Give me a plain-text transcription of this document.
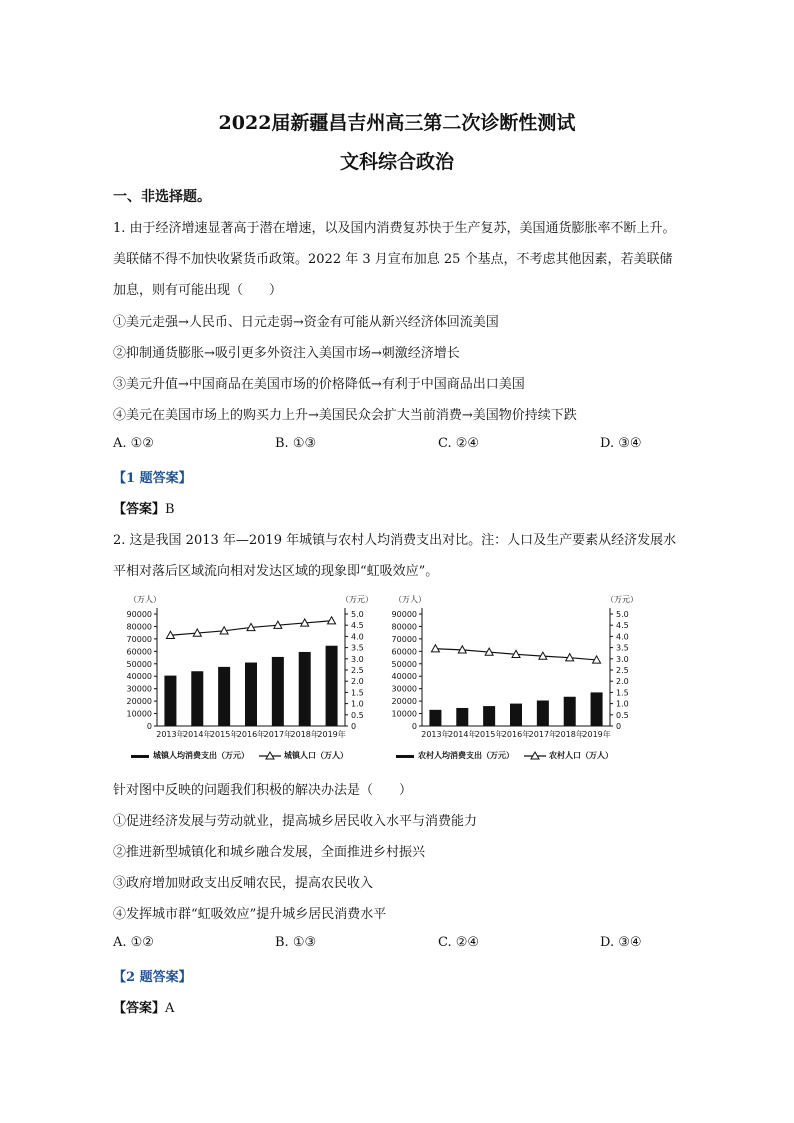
2022届新疆昌吉州高三第二次诊断性测试
文科综合政治
一、非选择题。
1. 由于经济增速显著高于潜在增速，以及国内消费复苏快于生产复苏，美国通货膨胀率不断上升。
美联储不得不加快收紧货币政策。2022 年 3 月宣布加息 25 个基点，不考虑其他因素，若美联储
加息，则有可能出现（　　）
①美元走强→人民币、日元走弱→资金有可能从新兴经济体回流美国
②抑制通货膨胀→吸引更多外资注入美国市场→刺激经济增长
③美元升值→中国商品在美国市场的价格降低→有利于中国商品出口美国
④美元在美国市场上的购买力上升→美国民众会扩大当前消费→美国物价持续下跌
A. ①②	B. ①③	C. ②④	D. ③④
【1 题答案】
【答案】B
2. 这是我国 2013 年—2019 年城镇与农村人均消费支出对比。注：人口及生产要素从经济发展水
平相对落后区域流向相对发达区域的现象即“虹吸效应”。
（万人）	（万元）
0
10000
20000
30000
40000
50000
60000
70000
80000
90000
0
0.5
1.0
1.5
2.0
2.5
3.0
3.5
4.0
4.5
5.0
2013年
2014年
2015年
2016年
2017年
2018年
2019年
城镇人均消费支出（万元）	城镇人口（万人）
（万人）	（万元）
0
10000
20000
30000
40000
50000
60000
70000
80000
90000
0
0.5
1.0
1.5
2.0
2.5
3.0
3.5
4.0
4.5
5.0
2013年
2014年
2015年
2016年
2017年
2018年
2019年
农村人均消费支出（万元）	农村人口（万人）
针对图中反映的问题我们积极的解决办法是（　　）
①促进经济发展与劳动就业，提高城乡居民收入水平与消费能力
②推进新型城镇化和城乡融合发展，全面推进乡村振兴
③政府增加财政支出反哺农民，提高农民收入
④发挥城市群“虹吸效应”提升城乡居民消费水平
A. ①②	B. ①③	C. ②④	D. ③④
【2 题答案】
【答案】A
